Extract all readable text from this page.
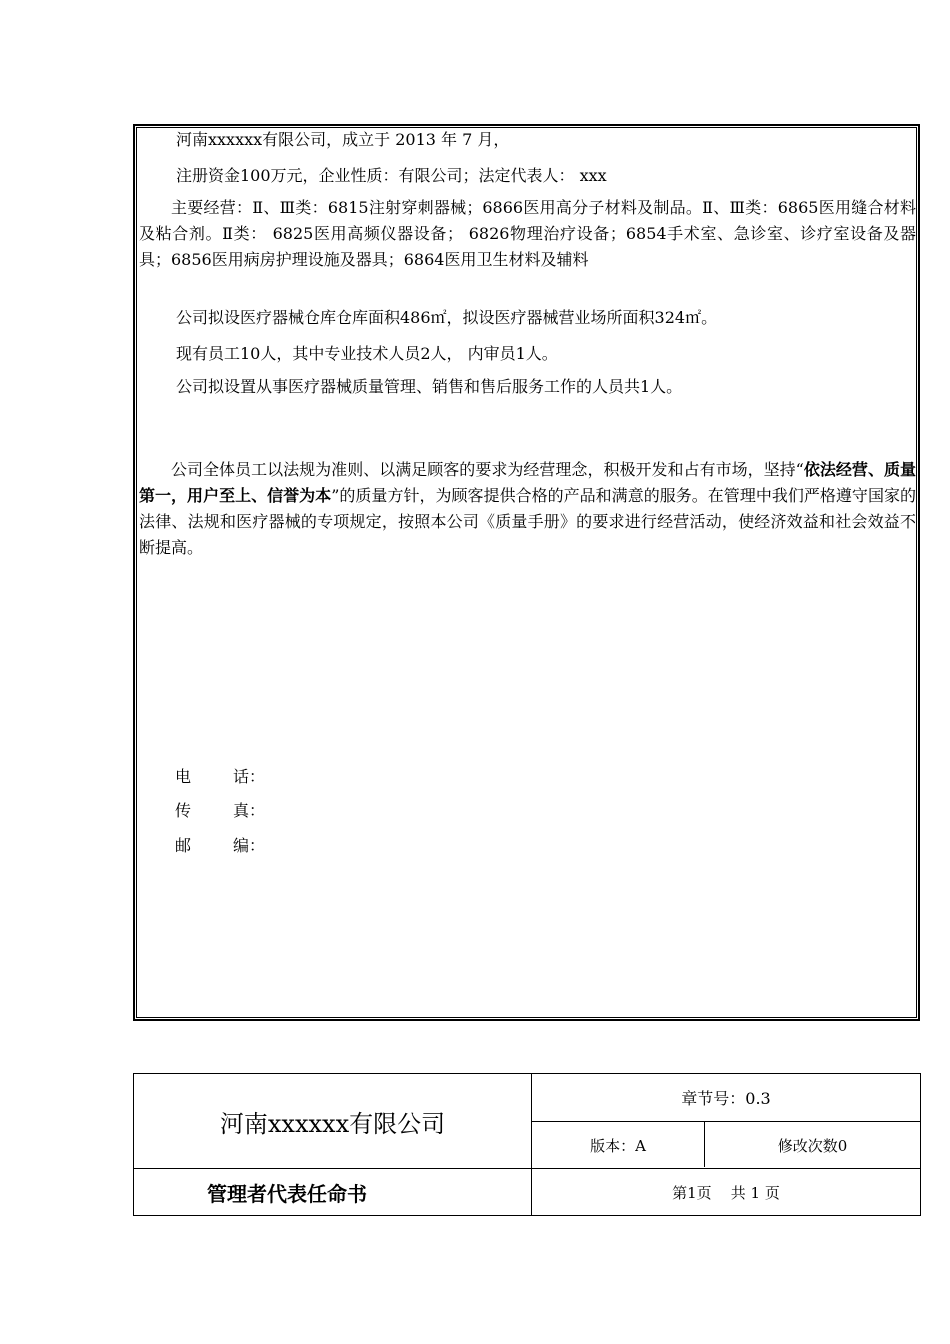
河南xxxxxx有限公司，成立于 2013 年 7 月，
注册资金100万元，企业性质：有限公司；法定代表人： xxx
主要经营：Ⅱ、Ⅲ类：6815注射穿刺器械；6866医用高分子材料及制品。Ⅱ、Ⅲ类：6865医用缝合材料及粘合剂。Ⅱ类： 6825医用高频仪器设备； 6826物理治疗设备；6854手术室、急诊室、诊疗室设备及器具；6856医用病房护理设施及器具；6864医用卫生材料及辅料
公司拟设医疗器械仓库仓库面积486㎡，拟设医疗器械营业场所面积324㎡。
现有员工10人，其中专业技术人员2人， 内审员1人。
公司拟设置从事医疗器械质量管理、销售和售后服务工作的人员共1人。
公司全体员工以法规为准则、以满足顾客的要求为经营理念，积极开发和占有市场，坚持“依法经营、质量第一，用户至上、信誉为本”的质量方针，为顾客提供合格的产品和满意的服务。在管理中我们严格遵守国家的法律、法规和医疗器械的专项规定，按照本公司《质量手册》的要求进行经营活动，使经济效益和社会效益不断提高。
电	话：
传	真：
邮	编：
河南xxxxxx有限公司
章节号：0.3
版本：A	修改次数0
管理者代表任命书	第1页    共 1 页
